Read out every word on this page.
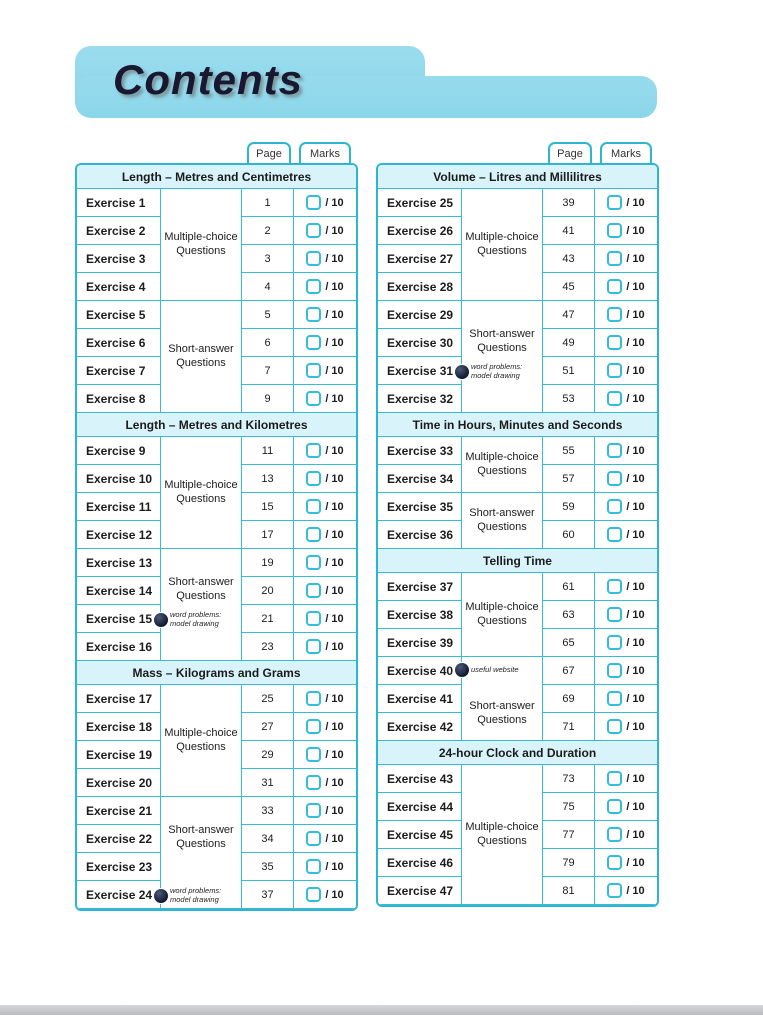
Contents
Page	Marks
Length – Metres and Centimetres
Multiple-choice Questions
Exercise 1	1	/ 10
Exercise 2	2	/ 10
Exercise 3	3	/ 10
Exercise 4	4	/ 10
Short-answer Questions
Exercise 5	5	/ 10
Exercise 6	6	/ 10
Exercise 7	7	/ 10
Exercise 8	9	/ 10
Length – Metres and Kilometres
Multiple-choice Questions
Exercise 9	11	/ 10
Exercise 10	13	/ 10
Exercise 11	15	/ 10
Exercise 12	17	/ 10
Short-answer Questions
word problems:
model drawing
Exercise 13	19	/ 10
Exercise 14	20	/ 10
Exercise 15	21	/ 10
Exercise 16	23	/ 10
Mass – Kilograms and Grams
Multiple-choice Questions
Exercise 17	25	/ 10
Exercise 18	27	/ 10
Exercise 19	29	/ 10
Exercise 20	31	/ 10
Short-answer Questions
word problems:
model drawing
Exercise 21	33	/ 10
Exercise 22	34	/ 10
Exercise 23	35	/ 10
Exercise 24	37	/ 10
Page	Marks
Volume – Litres and Millilitres
Multiple-choice Questions
Exercise 25	39	/ 10
Exercise 26	41	/ 10
Exercise 27	43	/ 10
Exercise 28	45	/ 10
Short-answer Questions
word problems:
model drawing
Exercise 29	47	/ 10
Exercise 30	49	/ 10
Exercise 31	51	/ 10
Exercise 32	53	/ 10
Time in Hours, Minutes and Seconds
Multiple-choice Questions
Exercise 33	55	/ 10
Exercise 34	57	/ 10
Short-answer Questions
Exercise 35	59	/ 10
Exercise 36	60	/ 10
Telling Time
Multiple-choice Questions
Exercise 37	61	/ 10
Exercise 38	63	/ 10
Exercise 39	65	/ 10
Short-answer Questions
useful website
Exercise 40	67	/ 10
Exercise 41	69	/ 10
Exercise 42	71	/ 10
24-hour Clock and Duration
Multiple-choice Questions
Exercise 43	73	/ 10
Exercise 44	75	/ 10
Exercise 45	77	/ 10
Exercise 46	79	/ 10
Exercise 47	81	/ 10
